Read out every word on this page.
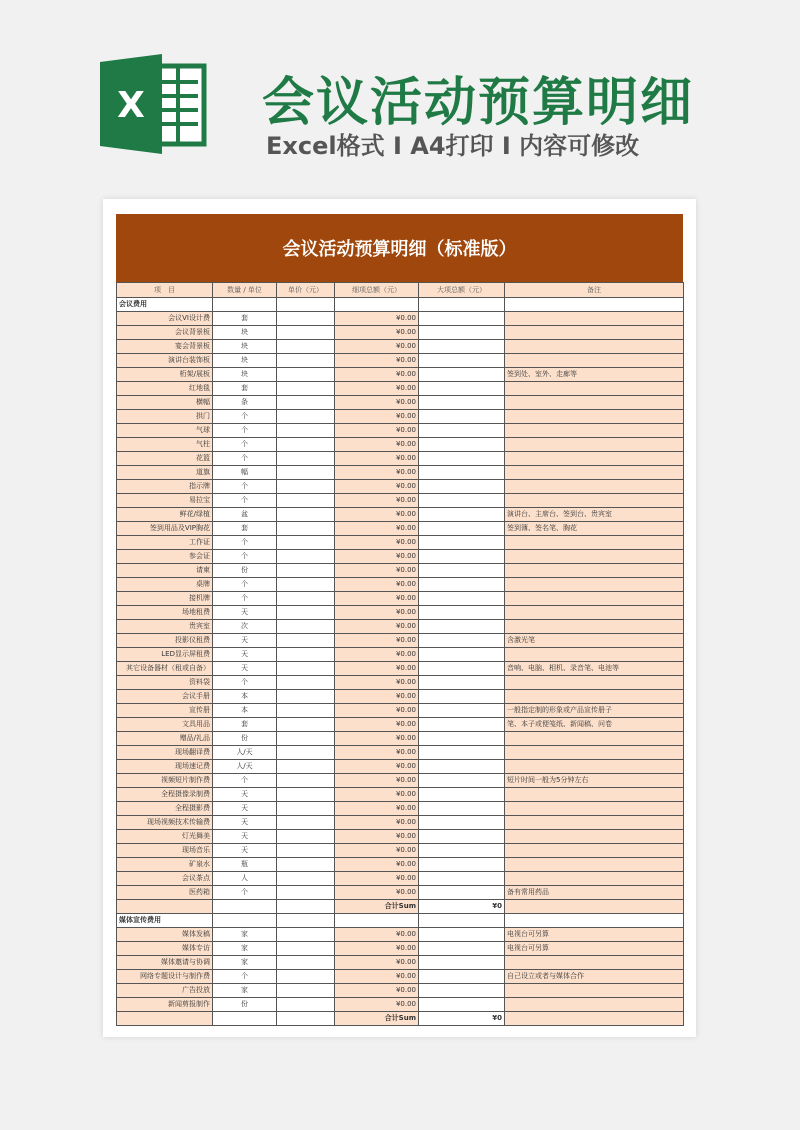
X 会议活动预算明细
Excel格式 I A4打印 I 内容可修改
会议活动预算明细（标准版）
项　目	数量 / 单位	单价（元）	细项总额（元）	大项总额（元）	备注
会议费用					
会议VI设计费	套		¥0.00		
会议背景板	块		¥0.00		
宴会背景板	块		¥0.00		
演讲台装饰板	块		¥0.00		
桁架/展板	块		¥0.00		签到处、室外、走廊等
红地毯	套		¥0.00		
横幅	条		¥0.00		
拱门	个		¥0.00		
气球	个		¥0.00		
气柱	个		¥0.00		
花篮	个		¥0.00		
道旗	幅		¥0.00		
指示牌	个		¥0.00		
易拉宝	个		¥0.00		
鲜花/绿植	盆		¥0.00		演讲台、主席台、签到台、贵宾室
签到用品及VIP胸花	套		¥0.00		签到簿、签名笔、胸花
工作证	个		¥0.00		
参会证	个		¥0.00		
请柬	份		¥0.00		
桌牌	个		¥0.00		
接机牌	个		¥0.00		
场地租费	天		¥0.00		
贵宾室	次		¥0.00		
投影仪租费	天		¥0.00		含激光笔
LED显示屏租费	天		¥0.00		
其它设备器材（租或自备）	天		¥0.00		音响、电脑、相机、录音笔、电池等
资料袋	个		¥0.00		
会议手册	本		¥0.00		
宣传册	本		¥0.00		一般指定制的形象或产品宣传册子
文具用品	套		¥0.00		笔、本子或便笺纸、新闻稿、问卷
赠品/礼品	份		¥0.00		
现场翻译费	人/天		¥0.00		
现场速记费	人/天		¥0.00		
视频短片制作费	个		¥0.00		短片时间一般为5分钟左右
全程摄像录制费	天		¥0.00		
全程摄影费	天		¥0.00		
现场视频技术传输费	天		¥0.00		
灯光舞美	天		¥0.00		
现场音乐	天		¥0.00		
矿泉水	瓶		¥0.00		
会议茶点	人		¥0.00		
医药箱	个		¥0.00		备有常用药品
			合计Sum	¥0	
媒体宣传费用					
媒体发稿	家		¥0.00		电视台可另算
媒体专访	家		¥0.00		电视台可另算
媒体邀请与协调	家		¥0.00		
网络专题设计与制作费	个		¥0.00		自己设立或者与媒体合作
广告投放	家		¥0.00		
新闻剪报制作	份		¥0.00		
			合计Sum	¥0	
